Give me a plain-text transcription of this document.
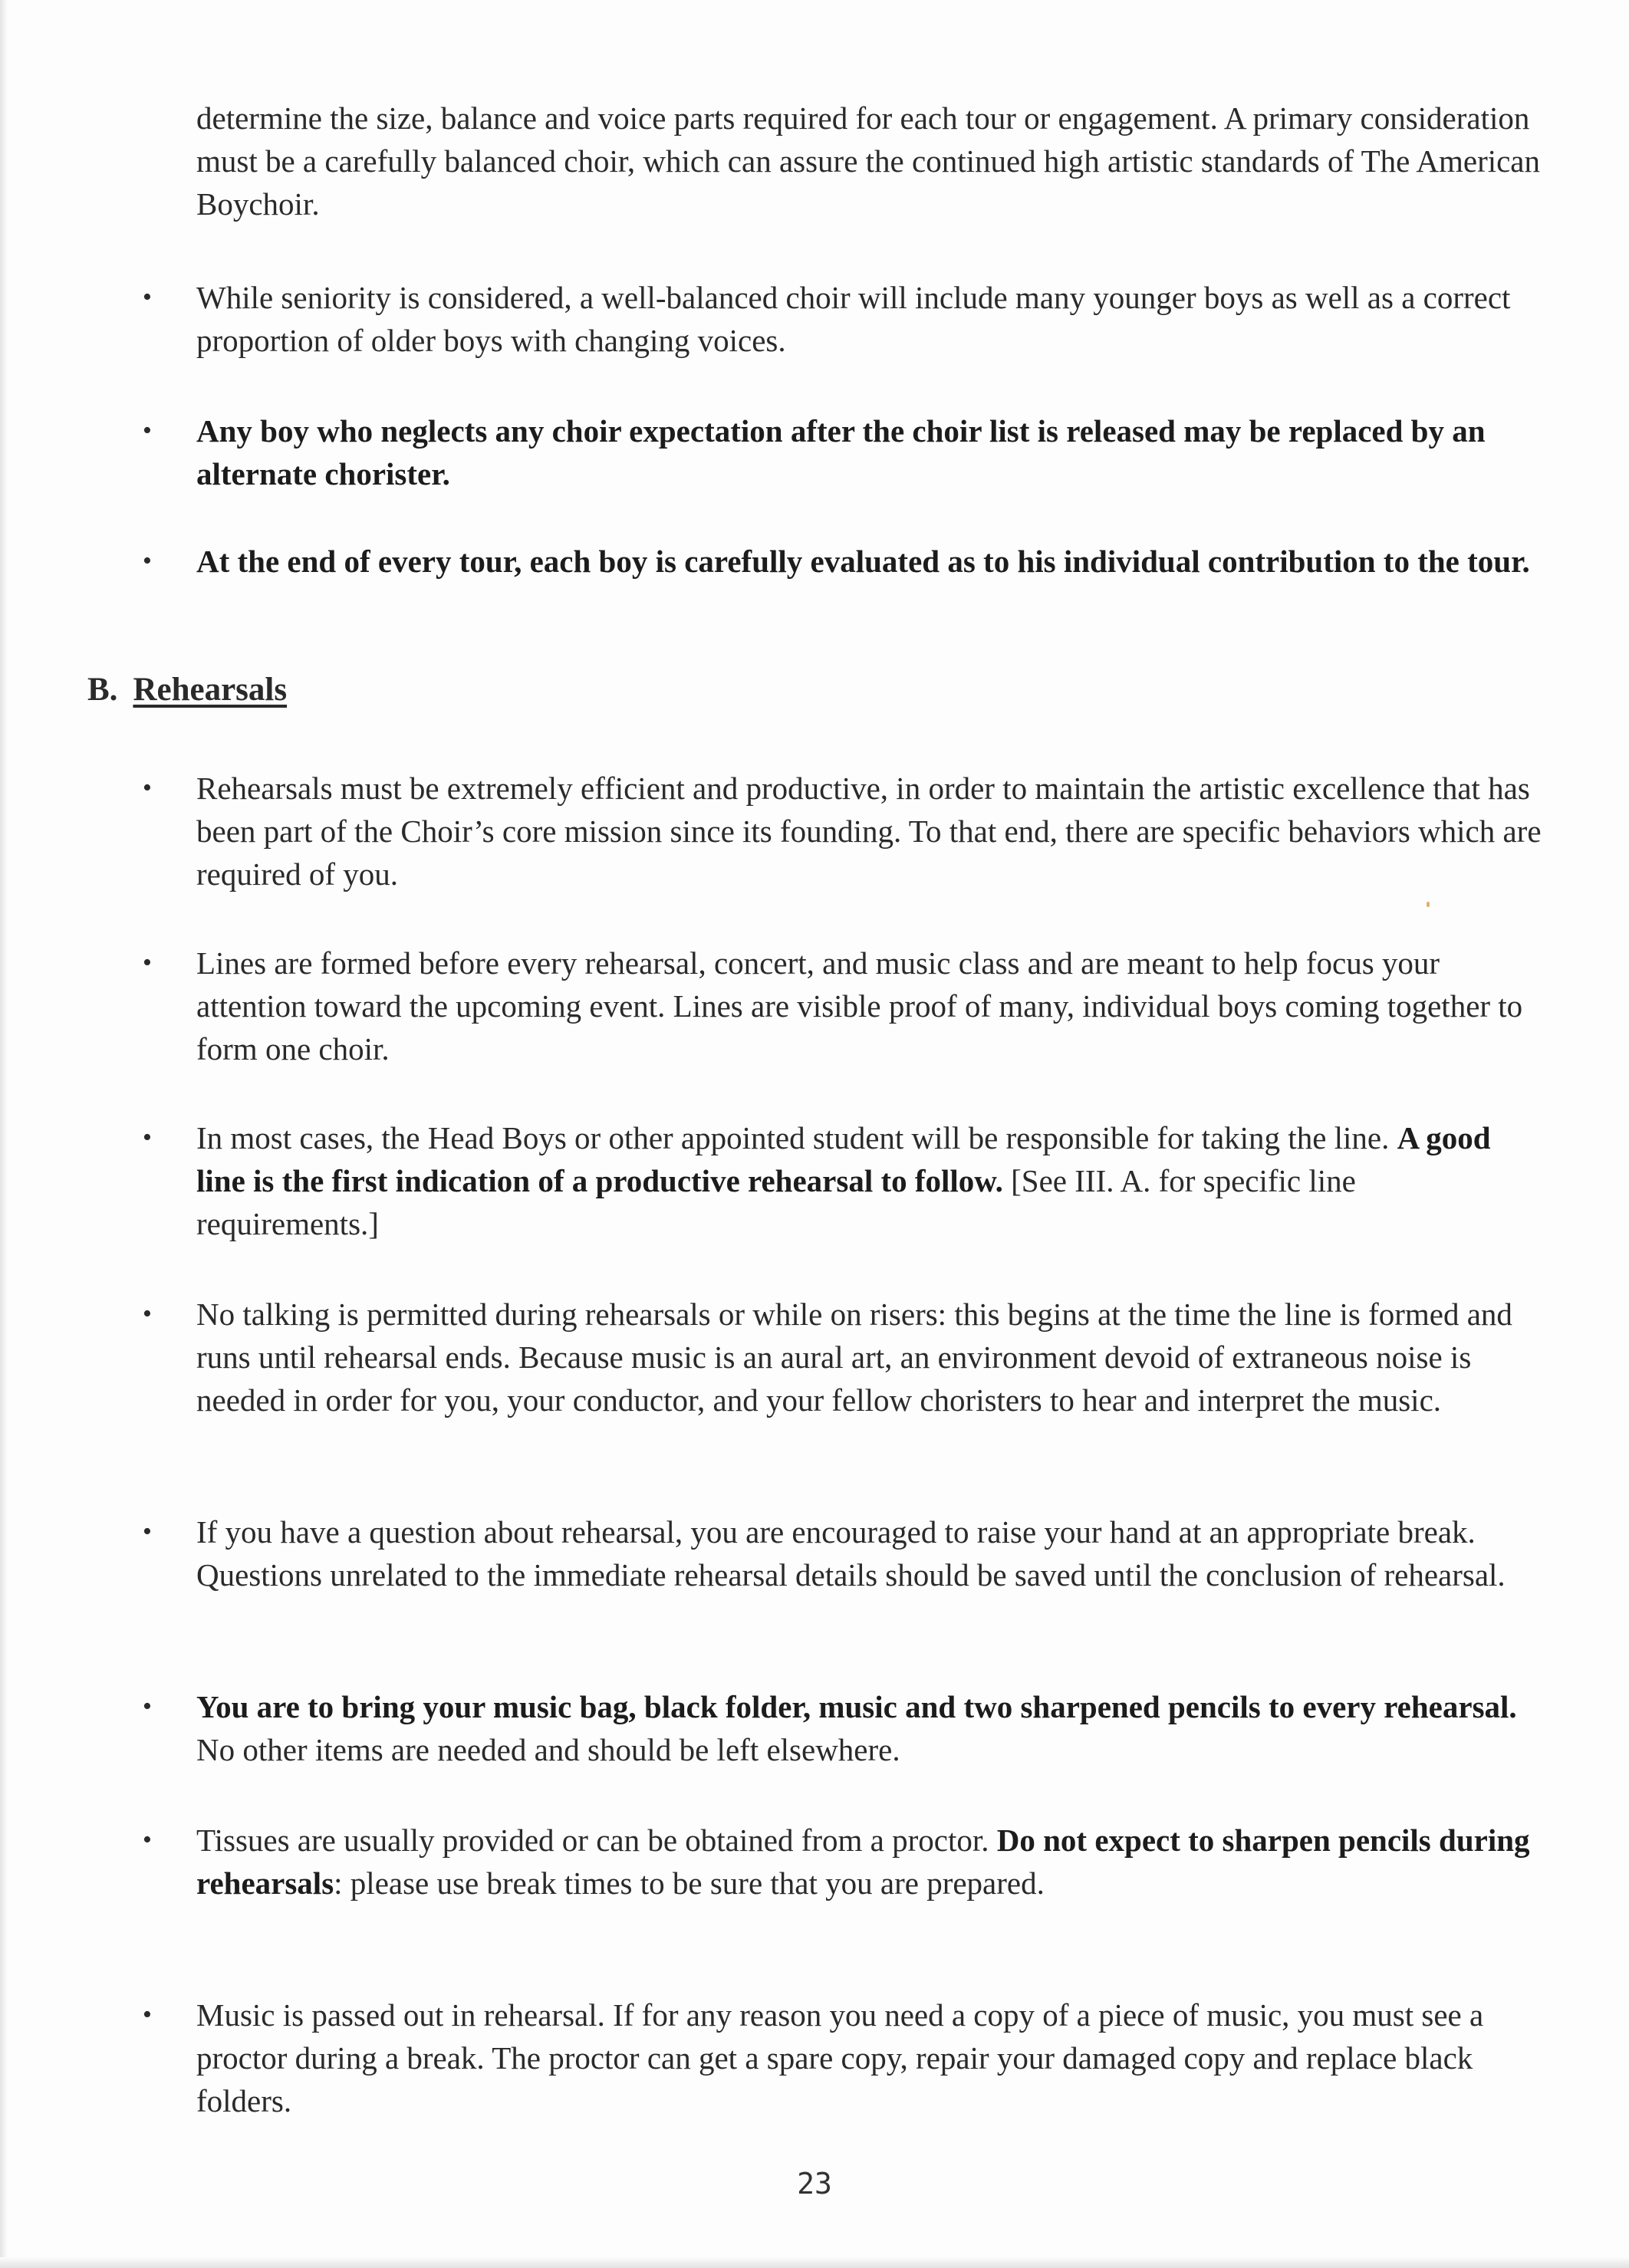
determine the size, balance and voice parts required for each tour or engagement. A primary consideration must be a carefully balanced choir, which can assure the continued high artistic standards of The American Boychoir.

• While seniority is considered, a well-balanced choir will include many younger boys as well as a correct proportion of older boys with changing voices.

• Any boy who neglects any choir expectation after the choir list is released may be replaced by an alternate chorister.

• At the end of every tour, each boy is carefully evaluated as to his individual contribution to the tour.

B. Rehearsals
• Rehearsals must be extremely efficient and productive, in order to maintain the artistic excellence that has been part of the Choir’s core mission since its founding. To that end, there are specific behaviors which are required of you.

• Lines are formed before every rehearsal, concert, and music class and are meant to help focus your attention toward the upcoming event. Lines are visible proof of many, individual boys coming together to form one choir.

• In most cases, the Head Boys or other appointed student will be responsible for taking the line. A good line is the first indication of a productive rehearsal to follow. [See III. A. for specific line requirements.]

• No talking is permitted during rehearsals or while on risers: this begins at the time the line is formed and runs until rehearsal ends. Because music is an aural art, an environment devoid of extraneous noise is needed in order for you, your conductor, and your fellow choristers to hear and interpret the music.

• If you have a question about rehearsal, you are encouraged to raise your hand at an appropriate break. Questions unrelated to the immediate rehearsal details should be saved until the conclusion of rehearsal.

• You are to bring your music bag, black folder, music and two sharpened pencils to every rehearsal. No other items are needed and should be left elsewhere.

• Tissues are usually provided or can be obtained from a proctor. Do not expect to sharpen pencils during rehearsals: please use break times to be sure that you are prepared.

• Music is passed out in rehearsal. If for any reason you need a copy of a piece of music, you must see a proctor during a break. The proctor can get a spare copy, repair your damaged copy and replace black folders.

23
